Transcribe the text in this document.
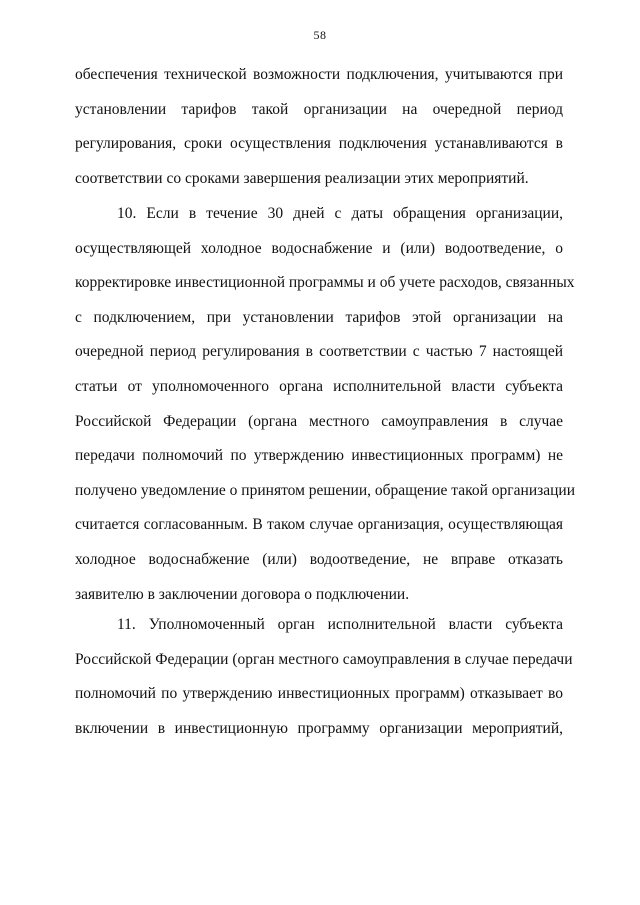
58
обеспечения технической возможности подключения, учитываются при
установлении тарифов такой организации на очередной период
регулирования, сроки осуществления подключения устанавливаются в
соответствии со сроками завершения реализации этих мероприятий.
10. Если в течение 30 дней с даты обращения организации,
осуществляющей холодное водоснабжение и (или) водоотведение, о
корректировке инвестиционной программы и об учете расходов, связанных
с подключением, при установлении тарифов этой организации на
очередной период регулирования в соответствии с частью 7 настоящей
статьи от уполномоченного органа исполнительной власти субъекта
Российской Федерации (органа местного самоуправления в случае
передачи полномочий по утверждению инвестиционных программ) не
получено уведомление о принятом решении, обращение такой организации
считается согласованным. В таком случае организация, осуществляющая
холодное водоснабжение (или) водоотведение, не вправе отказать
заявителю в заключении договора о подключении.
11. Уполномоченный орган исполнительной власти субъекта
Российской Федерации (орган местного самоуправления в случае передачи
полномочий по утверждению инвестиционных программ) отказывает во
включении в инвестиционную программу организации мероприятий,
